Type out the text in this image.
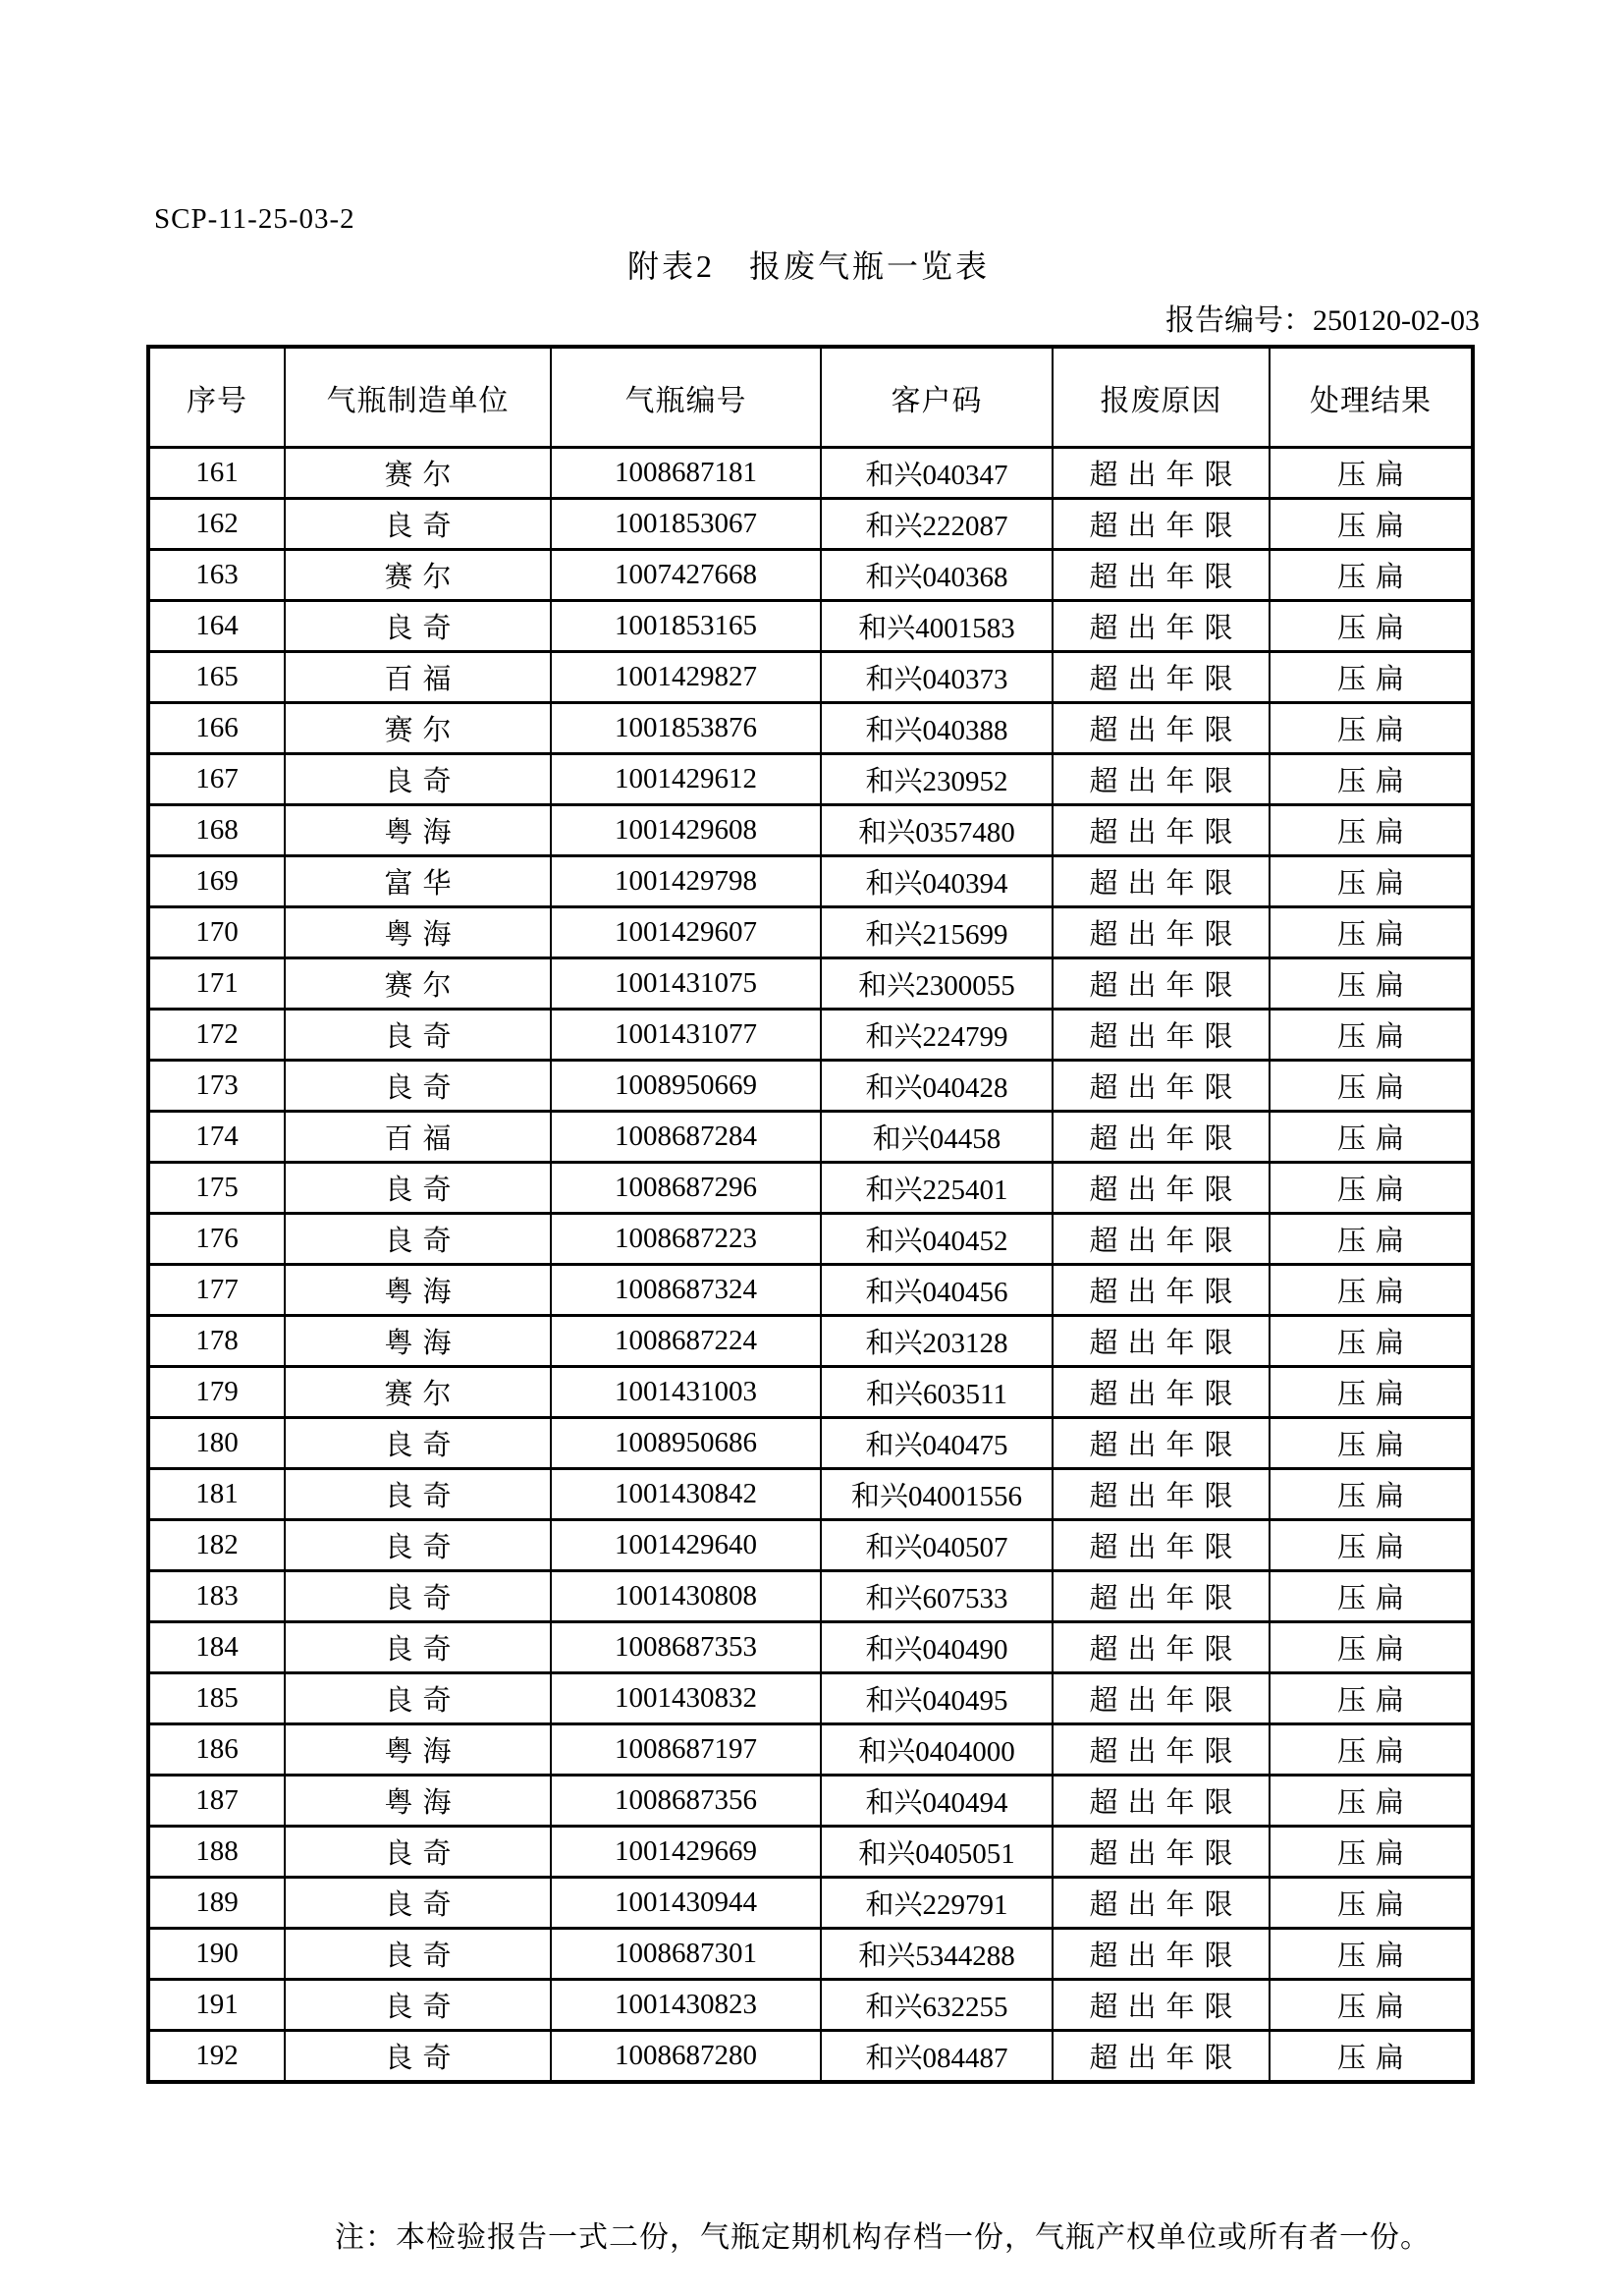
SCP-11-25-03-2
附表2　报废气瓶一览表
报告编号：250120-02-03
序号	气瓶制造单位	气瓶编号	客户码	报废原因	处理结果
161	赛尔	1008687181	和兴040347	超出年限	压扁
162	良奇	1001853067	和兴222087	超出年限	压扁
163	赛尔	1007427668	和兴040368	超出年限	压扁
164	良奇	1001853165	和兴4001583	超出年限	压扁
165	百福	1001429827	和兴040373	超出年限	压扁
166	赛尔	1001853876	和兴040388	超出年限	压扁
167	良奇	1001429612	和兴230952	超出年限	压扁
168	粤海	1001429608	和兴0357480	超出年限	压扁
169	富华	1001429798	和兴040394	超出年限	压扁
170	粤海	1001429607	和兴215699	超出年限	压扁
171	赛尔	1001431075	和兴2300055	超出年限	压扁
172	良奇	1001431077	和兴224799	超出年限	压扁
173	良奇	1008950669	和兴040428	超出年限	压扁
174	百福	1008687284	和兴04458	超出年限	压扁
175	良奇	1008687296	和兴225401	超出年限	压扁
176	良奇	1008687223	和兴040452	超出年限	压扁
177	粤海	1008687324	和兴040456	超出年限	压扁
178	粤海	1008687224	和兴203128	超出年限	压扁
179	赛尔	1001431003	和兴603511	超出年限	压扁
180	良奇	1008950686	和兴040475	超出年限	压扁
181	良奇	1001430842	和兴04001556	超出年限	压扁
182	良奇	1001429640	和兴040507	超出年限	压扁
183	良奇	1001430808	和兴607533	超出年限	压扁
184	良奇	1008687353	和兴040490	超出年限	压扁
185	良奇	1001430832	和兴040495	超出年限	压扁
186	粤海	1008687197	和兴0404000	超出年限	压扁
187	粤海	1008687356	和兴040494	超出年限	压扁
188	良奇	1001429669	和兴0405051	超出年限	压扁
189	良奇	1001430944	和兴229791	超出年限	压扁
190	良奇	1008687301	和兴5344288	超出年限	压扁
191	良奇	1001430823	和兴632255	超出年限	压扁
192	良奇	1008687280	和兴084487	超出年限	压扁
注：本检验报告一式二份，气瓶定期机构存档一份，气瓶产权单位或所有者一份。
